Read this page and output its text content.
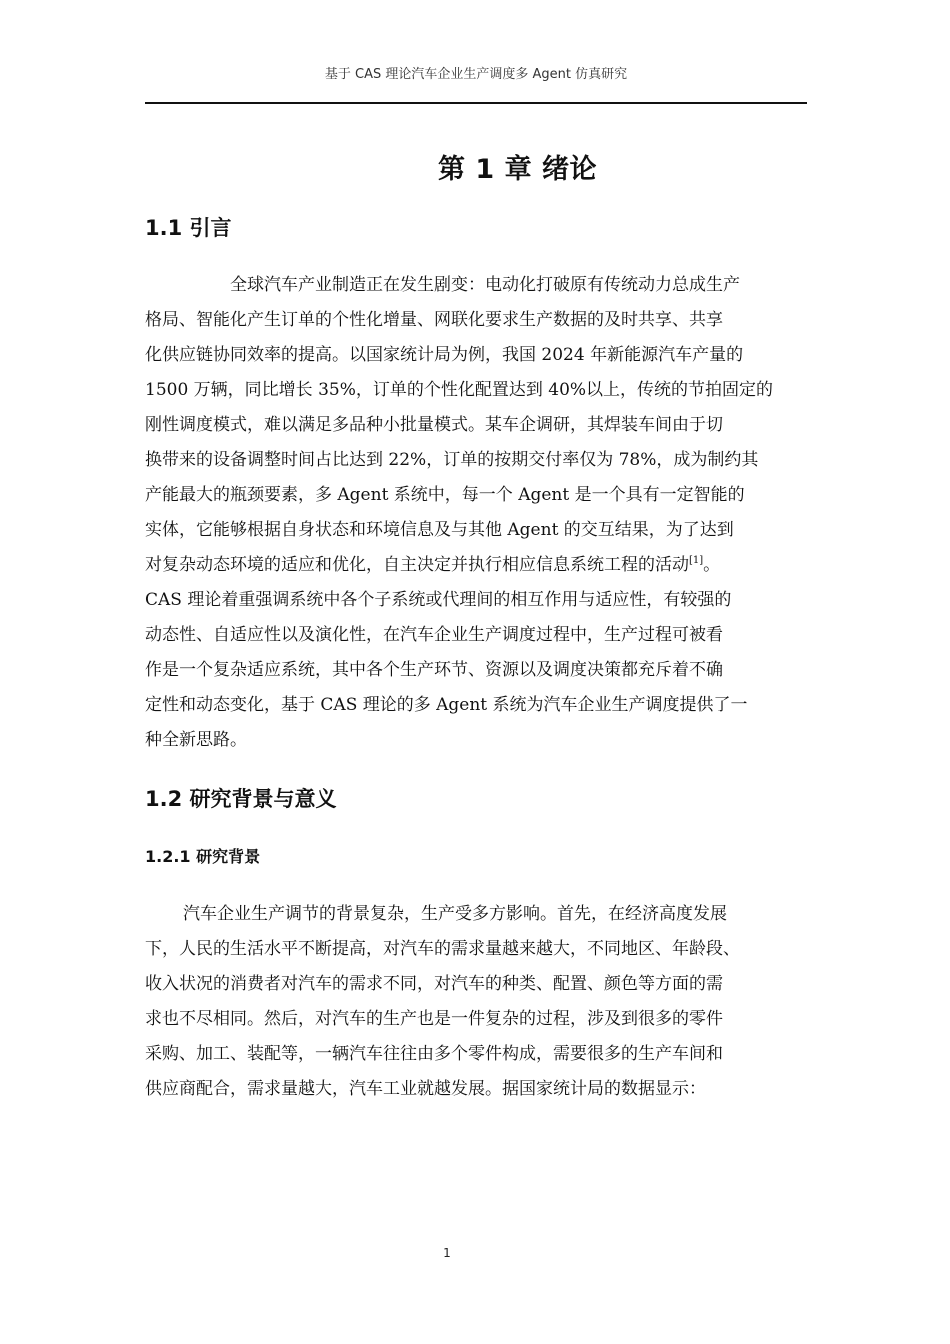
基于 CAS 理论汽车企业生产调度多 Agent 仿真研究
第 1 章 绪论
1.1 引言
全球汽车产业制造正在发生剧变：电动化打破原有传统动力总成生产
格局、智能化产生订单的个性化增量、网联化要求生产数据的及时共享、共享
化供应链协同效率的提高。以国家统计局为例，我国 2024 年新能源汽车产量的
1500 万辆，同比增长 35%，订单的个性化配置达到 40%以上，传统的节拍固定的
刚性调度模式，难以满足多品种小批量模式。某车企调研，其焊装车间由于切
换带来的设备调整时间占比达到 22%，订单的按期交付率仅为 78%，成为制约其
产能最大的瓶颈要素，多 Agent 系统中，每一个 Agent 是一个具有一定智能的
实体，它能够根据自身状态和环境信息及与其他 Agent 的交互结果，为了达到
对复杂动态环境的适应和优化，自主决定并执行相应信息系统工程的活动[1]。
CAS 理论着重强调系统中各个子系统或代理间的相互作用与适应性，有较强的
动态性、自适应性以及演化性，在汽车企业生产调度过程中，生产过程可被看
作是一个复杂适应系统，其中各个生产环节、资源以及调度决策都充斥着不确
定性和动态变化，基于 CAS 理论的多 Agent 系统为汽车企业生产调度提供了一
种全新思路。
1.2 研究背景与意义
1.2.1 研究背景
汽车企业生产调节的背景复杂，生产受多方影响。首先，在经济高度发展
下，人民的生活水平不断提高，对汽车的需求量越来越大，不同地区、年龄段、
收入状况的消费者对汽车的需求不同，对汽车的种类、配置、颜色等方面的需
求也不尽相同。然后，对汽车的生产也是一件复杂的过程，涉及到很多的零件
采购、加工、装配等，一辆汽车往往由多个零件构成，需要很多的生产车间和
供应商配合，需求量越大，汽车工业就越发展。据国家统计局的数据显示：
1
